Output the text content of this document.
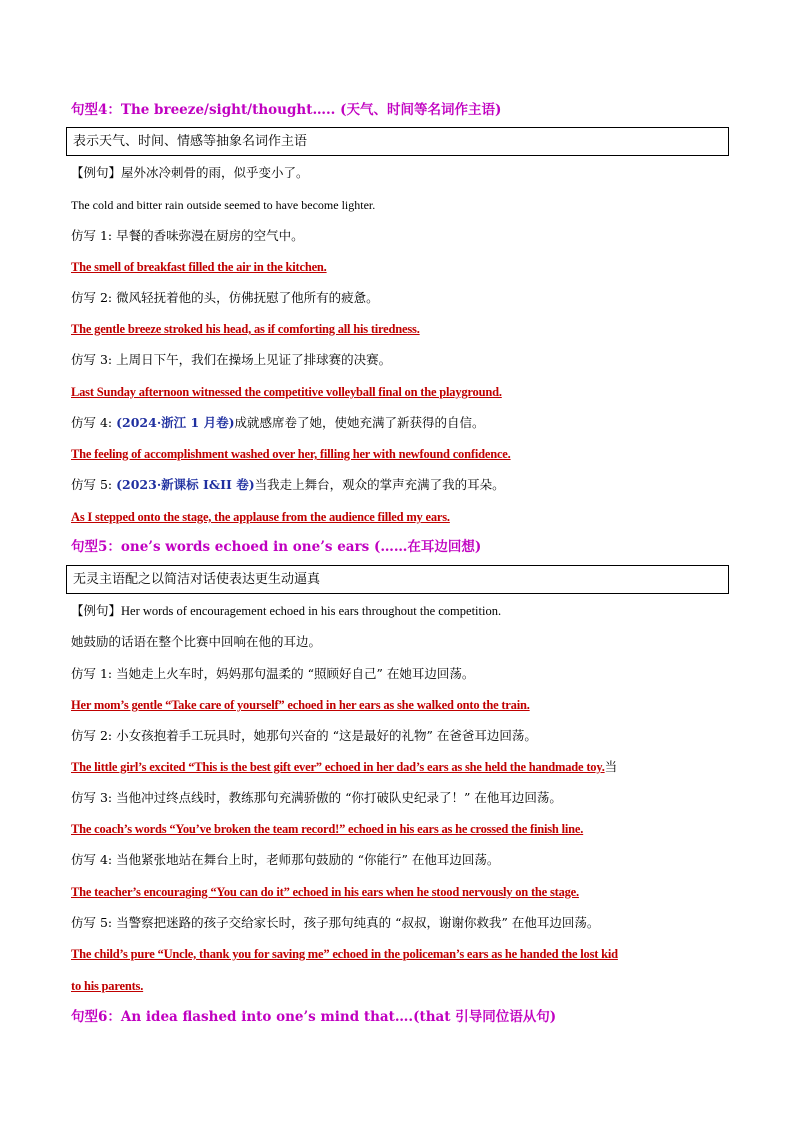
句型4：The breeze/sight/thought….. (天气、时间等名词作主语)
表示天气、时间、情感等抽象名词作主语
【例句】屋外冰冷刺骨的雨，似乎变小了。
The cold and bitter rain outside seemed to have become lighter.
仿写 1: 早餐的香味弥漫在厨房的空气中。
The smell of breakfast filled the air in the kitchen.
仿写 2: 微风轻抚着他的头，仿佛抚慰了他所有的疲惫。
The gentle breeze stroked his head, as if comforting all his tiredness.
仿写 3: 上周日下午，我们在操场上见证了排球赛的决赛。
Last Sunday afternoon witnessed the competitive volleyball final on the playground.
仿写 4: (2024·浙江 1 月卷)成就感席卷了她，使她充满了新获得的自信。
The feeling of accomplishment washed over her, filling her with newfound confidence.
仿写 5: (2023·新课标 I&II 卷)当我走上舞台，观众的掌声充满了我的耳朵。
As I stepped onto the stage, the applause from the audience filled my ears.
句型5：one’s words echoed in one’s ears (……在耳边回想)
无灵主语配之以简洁对话使表达更生动逼真
【例句】Her words of encouragement echoed in his ears throughout the competition.
她鼓励的话语在整个比赛中回响在他的耳边。
仿写 1: 当她走上火车时，妈妈那句温柔的 “照顾好自己” 在她耳边回荡。
Her mom’s gentle “Take care of yourself” echoed in her ears as she walked onto the train.
仿写 2: 小女孩抱着手工玩具时，她那句兴奋的 “这是最好的礼物” 在爸爸耳边回荡。
The little girl’s excited “This is the best gift ever” echoed in her dad’s ears as she held the handmade toy.当
仿写 3: 当他冲过终点线时，教练那句充满骄傲的 “你打破队史纪录了！” 在他耳边回荡。
The coach’s words “You’ve broken the team record!” echoed in his ears as he crossed the finish line.
仿写 4: 当他紧张地站在舞台上时，老师那句鼓励的 “你能行” 在他耳边回荡。
The teacher’s encouraging “You can do it” echoed in his ears when he stood nervously on the stage.
仿写 5: 当警察把迷路的孩子交给家长时，孩子那句纯真的 “叔叔，谢谢你救我” 在他耳边回荡。
The child’s pure “Uncle, thank you for saving me” echoed in the policeman’s ears as he handed the lost kid
to his parents.
句型6：An idea flashed into one’s mind that….(that 引导同位语从句)
